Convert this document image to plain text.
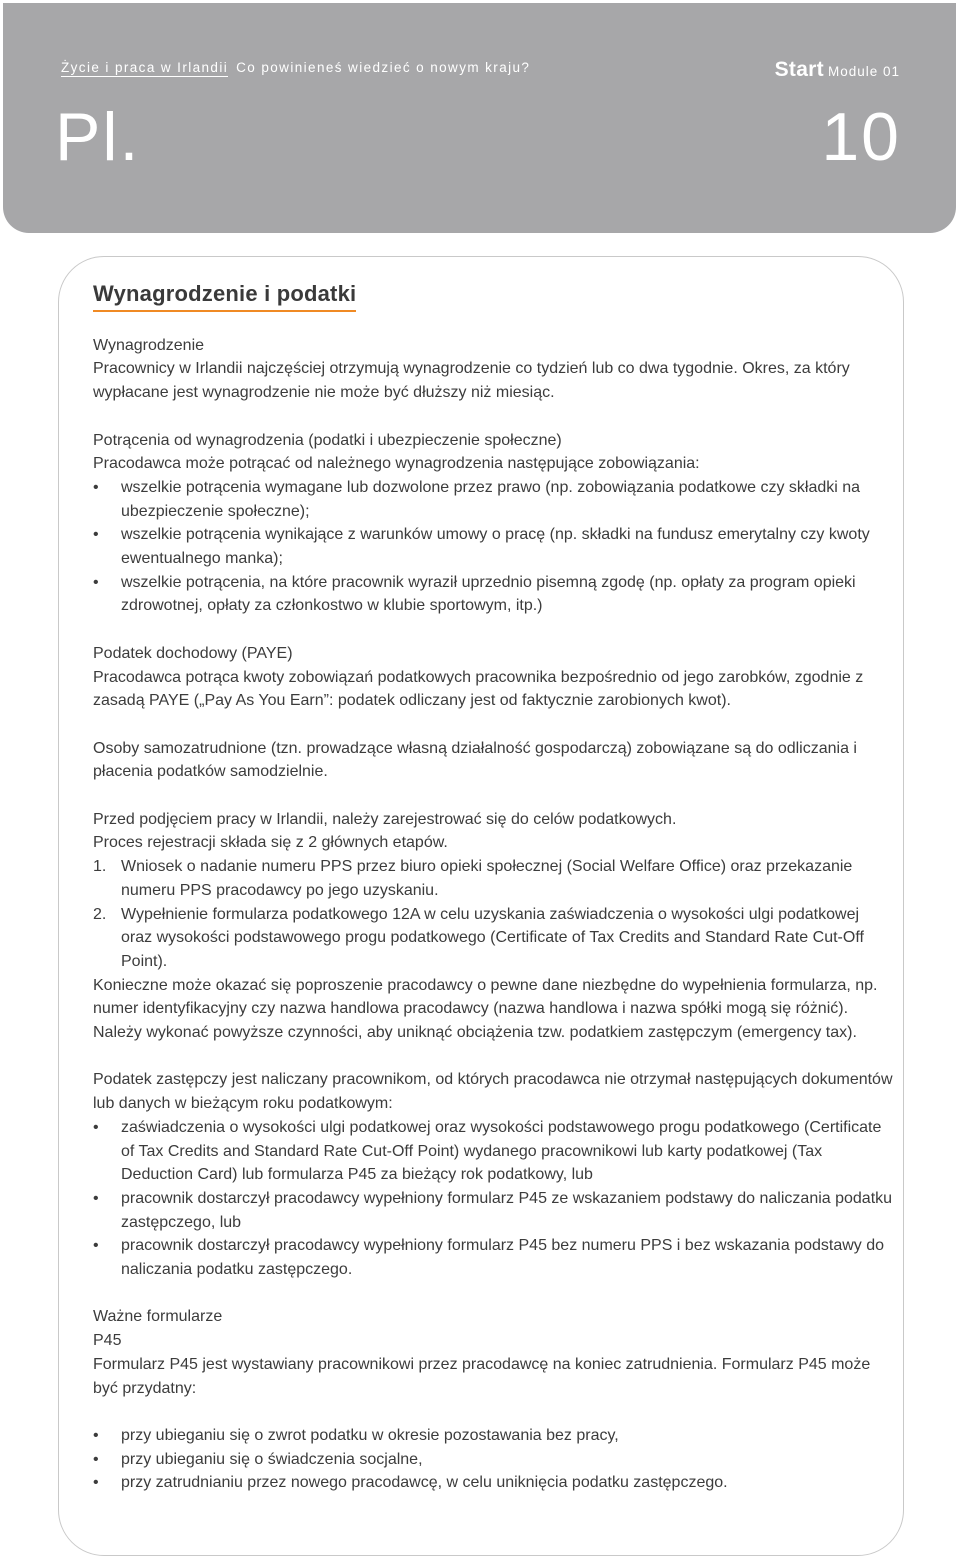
Życie i praca w Irlandii Co powinieneś wiedzieć o nowym kraju?	Start Module 01
Pl.	10
Wynagrodzenie i podatki

Wynagrodzenie

Pracownicy w Irlandii najczęściej otrzymują wynagrodzenie co tydzień lub co dwa tygodnie. Okres, za który wypłacane jest wynagrodzenie nie może być dłuższy niż miesiąc.

Potrącenia od wynagrodzenia (podatki i ubezpieczenie społeczne)

Pracodawca może potrącać od należnego wynagrodzenia następujące zobowiązania:

• wszelkie potrącenia wymagane lub dozwolone przez prawo (np. zobowiązania podatkowe czy składki na ubezpieczenie społeczne);
• wszelkie potrącenia wynikające z warunków umowy o pracę (np. składki na fundusz emerytalny czy kwoty ewentualnego manka);
• wszelkie potrącenia, na które pracownik wyraził uprzednio pisemną zgodę (np. opłaty za program opieki zdrowotnej, opłaty za członkostwo w klubie sportowym, itp.)

Podatek dochodowy (PAYE)

Pracodawca potrąca kwoty zobowiązań podatkowych pracownika bezpośrednio od jego zarobków, zgodnie z zasadą PAYE („Pay As You Earn”: podatek odliczany jest od faktycznie zarobionych kwot).

Osoby samozatrudnione (tzn. prowadzące własną działalność gospodarczą) zobowiązane są do odliczania i płacenia podatków samodzielnie.

Przed podjęciem pracy w Irlandii, należy zarejestrować się do celów podatkowych.

Proces rejestracji składa się z 2 głównych etapów.

1. Wniosek o nadanie numeru PPS przez biuro opieki społecznej (Social Welfare Office) oraz przekazanie numeru PPS pracodawcy po jego uzyskaniu.
2. Wypełnienie formularza podatkowego 12A w celu uzyskania zaświadczenia o wysokości ulgi podatkowej oraz wysokości podstawowego progu podatkowego (Certificate of Tax Credits and Standard Rate Cut-Off Point).

Konieczne może okazać się poproszenie pracodawcy o pewne dane niezbędne do wypełnienia formularza, np. numer identyfikacyjny czy nazwa handlowa pracodawcy (nazwa handlowa i nazwa spółki mogą się różnić). Należy wykonać powyższe czynności, aby uniknąć obciążenia tzw. podatkiem zastępczym (emergency tax).

Podatek zastępczy jest naliczany pracownikom, od których pracodawca nie otrzymał następujących dokumentów lub danych w bieżącym roku podatkowym:

• zaświadczenia o wysokości ulgi podatkowej oraz wysokości podstawowego progu podatkowego (Certificate of Tax Credits and Standard Rate Cut-Off Point) wydanego pracownikowi lub karty podatkowej (Tax Deduction Card) lub formularza P45 za bieżący rok podatkowy, lub
• pracownik dostarczył pracodawcy wypełniony formularz P45 ze wskazaniem podstawy do naliczania podatku zastępczego, lub
• pracownik dostarczył pracodawcy wypełniony formularz P45 bez numeru PPS i bez wskazania podstawy do naliczania podatku zastępczego.

Ważne formularze

P45

Formularz P45 jest wystawiany pracownikowi przez pracodawcę na koniec zatrudnienia. Formularz P45 może być przydatny:

• przy ubieganiu się o zwrot podatku w okresie pozostawania bez pracy,
• przy ubieganiu się o świadczenia socjalne,
• przy zatrudnianiu przez nowego pracodawcę, w celu uniknięcia podatku zastępczego.
